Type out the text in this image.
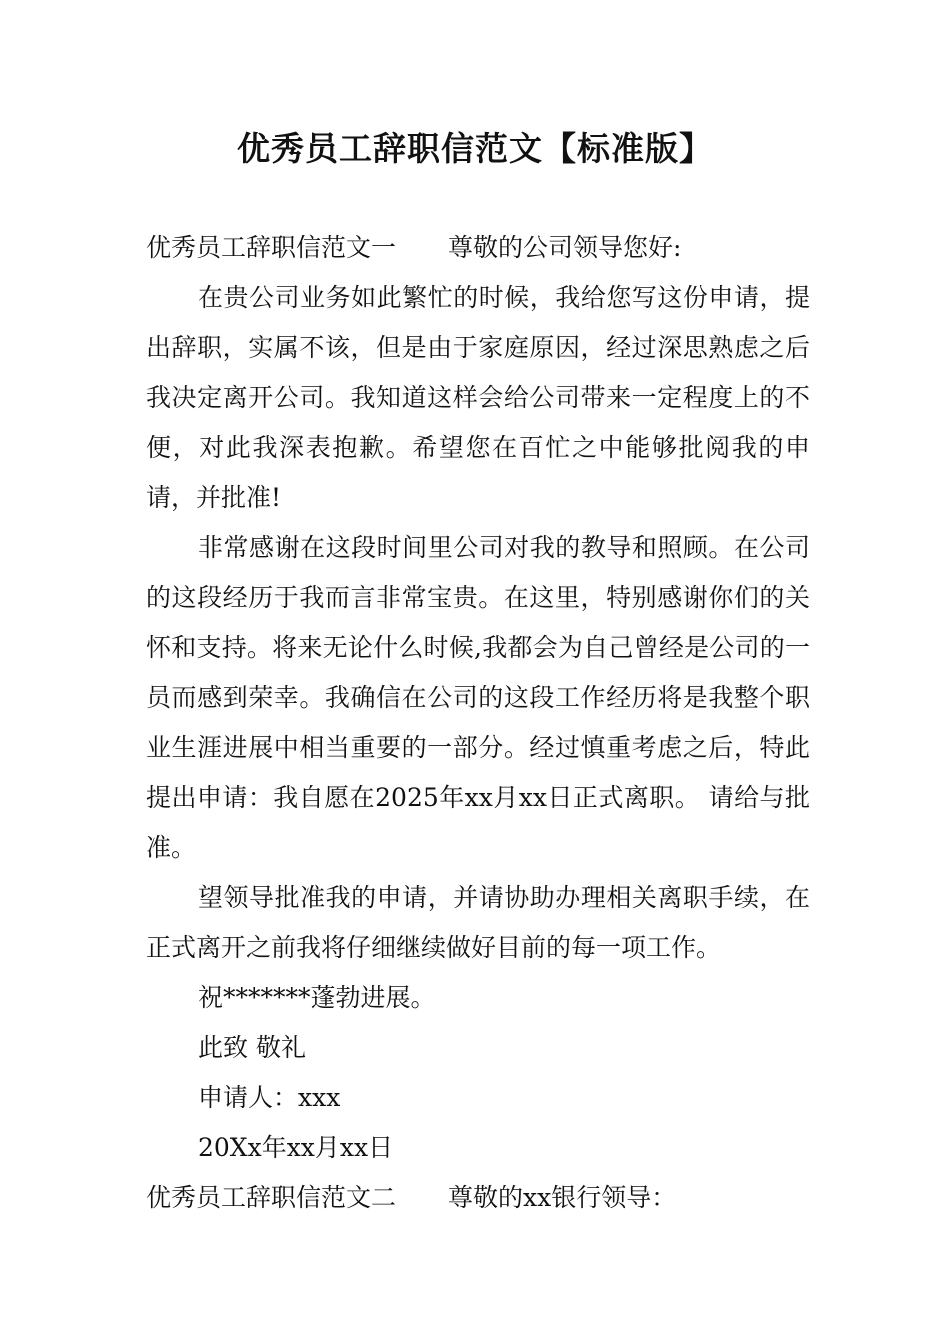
优秀员工辞职信范文【标准版】

优秀员工辞职信范文一 尊敬的公司领导您好:

在贵公司业务如此繁忙的时候，我给您写这份申请，提出辞职，实属不该，但是由于家庭原因，经过深思熟虑之后我决定离开公司。我知道这样会给公司带来一定程度上的不便，对此我深表抱歉。希望您在百忙之中能够批阅我的申请，并批准!

非常感谢在这段时间里公司对我的教导和照顾。在公司的这段经历于我而言非常宝贵。在这里，特别感谢你们的关怀和支持。将来无论什么时候,我都会为自己曾经是公司的一员而感到荣幸。我确信在公司的这段工作经历将是我整个职业生涯进展中相当重要的一部分。经过慎重考虑之后，特此提出申请：我自愿在2025年xx月xx日正式离职。 请给与批准。

望领导批准我的申请，并请协助办理相关离职手续，在正式离开之前我将仔细继续做好目前的每一项工作。

祝*******蓬勃进展。

此致 敬礼

申请人：xxx

20Xx年xx月xx日

优秀员工辞职信范文二 尊敬的xx银行领导：
